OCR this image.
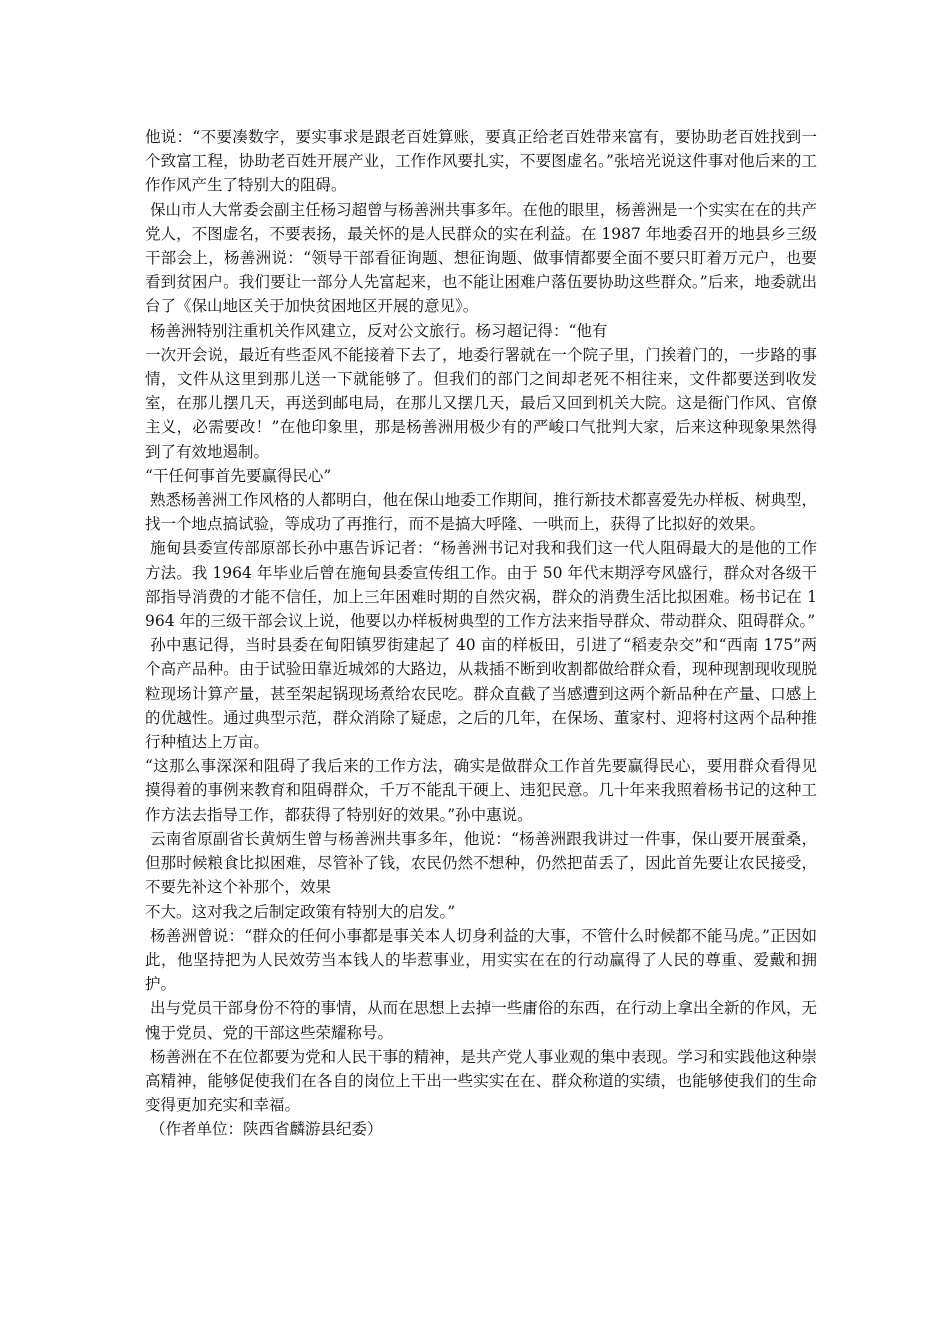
他说：“不要凑数字，要实事求是跟老百姓算账，要真正给老百姓带来富有，要协助老百姓找到一个致富工程，协助老百姓开展产业，工作作风要扎实，不要图虚名。”张培光说这件事对他后来的工作作风产生了特别大的阻碍。

保山市人大常委会副主任杨习超曾与杨善洲共事多年。在他的眼里，杨善洲是一个实实在在的共产党人，不图虚名，不要表扬，最关怀的是人民群众的实在利益。在 1987 年地委召开的地县乡三级干部会上，杨善洲说：“领导干部看征询题、想征询题、做事情都要全面不要只盯着万元户，也要看到贫困户。我们要让一部分人先富起来，也不能让困难户落伍要协助这些群众。”后来，地委就出台了《保山地区关于加快贫困地区开展的意见》。

杨善洲特别注重机关作风建立，反对公文旅行。杨习超记得：“他有

一次开会说，最近有些歪风不能接着下去了，地委行署就在一个院子里，门挨着门的，一步路的事情，文件从这里到那儿送一下就能够了。但我们的部门之间却老死不相往来，文件都要送到收发室，在那儿摆几天，再送到邮电局，在那儿又摆几天，最后又回到机关大院。这是衙门作风、官僚主义，必需要改！”在他印象里，那是杨善洲用极少有的严峻口气批判大家，后来这种现象果然得到了有效地遏制。

“干任何事首先要赢得民心”

熟悉杨善洲工作风格的人都明白，他在保山地委工作期间，推行新技术都喜爱先办样板、树典型，找一个地点搞试验，等成功了再推行，而不是搞大呼隆、一哄而上，获得了比拟好的效果。

施甸县委宣传部原部长孙中惠告诉记者：“杨善洲书记对我和我们这一代人阻碍最大的是他的工作方法。我 1964 年毕业后曾在施甸县委宣传组工作。由于 50 年代末期浮夸风盛行，群众对各级干部指导消费的才能不信任，加上三年困难时期的自然灾祸，群众的消费生活比拟困难。杨书记在 1964 年的三级干部会议上说，他要以办样板树典型的工作方法来指导群众、带动群众、阻碍群众。”

孙中惠记得，当时县委在甸阳镇罗街建起了 40 亩的样板田，引进了“稻麦杂交”和“西南 175”两个高产品种。由于试验田靠近城郊的大路边，从栽插不断到收割都做给群众看，现种现割现收现脱粒现场计算产量，甚至架起锅现场煮给农民吃。群众直截了当感遭到这两个新品种在产量、口感上的优越性。通过典型示范，群众消除了疑虑，之后的几年，在保场、董家村、迎将村这两个品种推行种植达上万亩。

“这那么事深深和阻碍了我后来的工作方法，确实是做群众工作首先要赢得民心，要用群众看得见摸得着的事例来教育和阻碍群众，千万不能乱干硬上、违犯民意。几十年来我照着杨书记的这种工作方法去指导工作，都获得了特别好的效果。”孙中惠说。

云南省原副省长黄炳生曾与杨善洲共事多年，他说：“杨善洲跟我讲过一件事，保山要开展蚕桑，但那时候粮食比拟困难，尽管补了钱，农民仍然不想种，仍然把苗丢了，因此首先要让农民接受，不要先补这个补那个，效果

不大。这对我之后制定政策有特别大的启发。”

杨善洲曾说：“群众的任何小事都是事关本人切身利益的大事，不管什么时候都不能马虎。”正因如此，他坚持把为人民效劳当本钱人的毕惹事业，用实实在在的行动赢得了人民的尊重、爱戴和拥护。

出与党员干部身份不符的事情，从而在思想上去掉一些庸俗的东西，在行动上拿出全新的作风，无愧于党员、党的干部这些荣耀称号。

杨善洲在不在位都要为党和人民干事的精神，是共产党人事业观的集中表现。学习和实践他这种崇高精神，能够促使我们在各自的岗位上干出一些实实在在、群众称道的实绩，也能够使我们的生命变得更加充实和幸福。

（作者单位：陕西省麟游县纪委）
